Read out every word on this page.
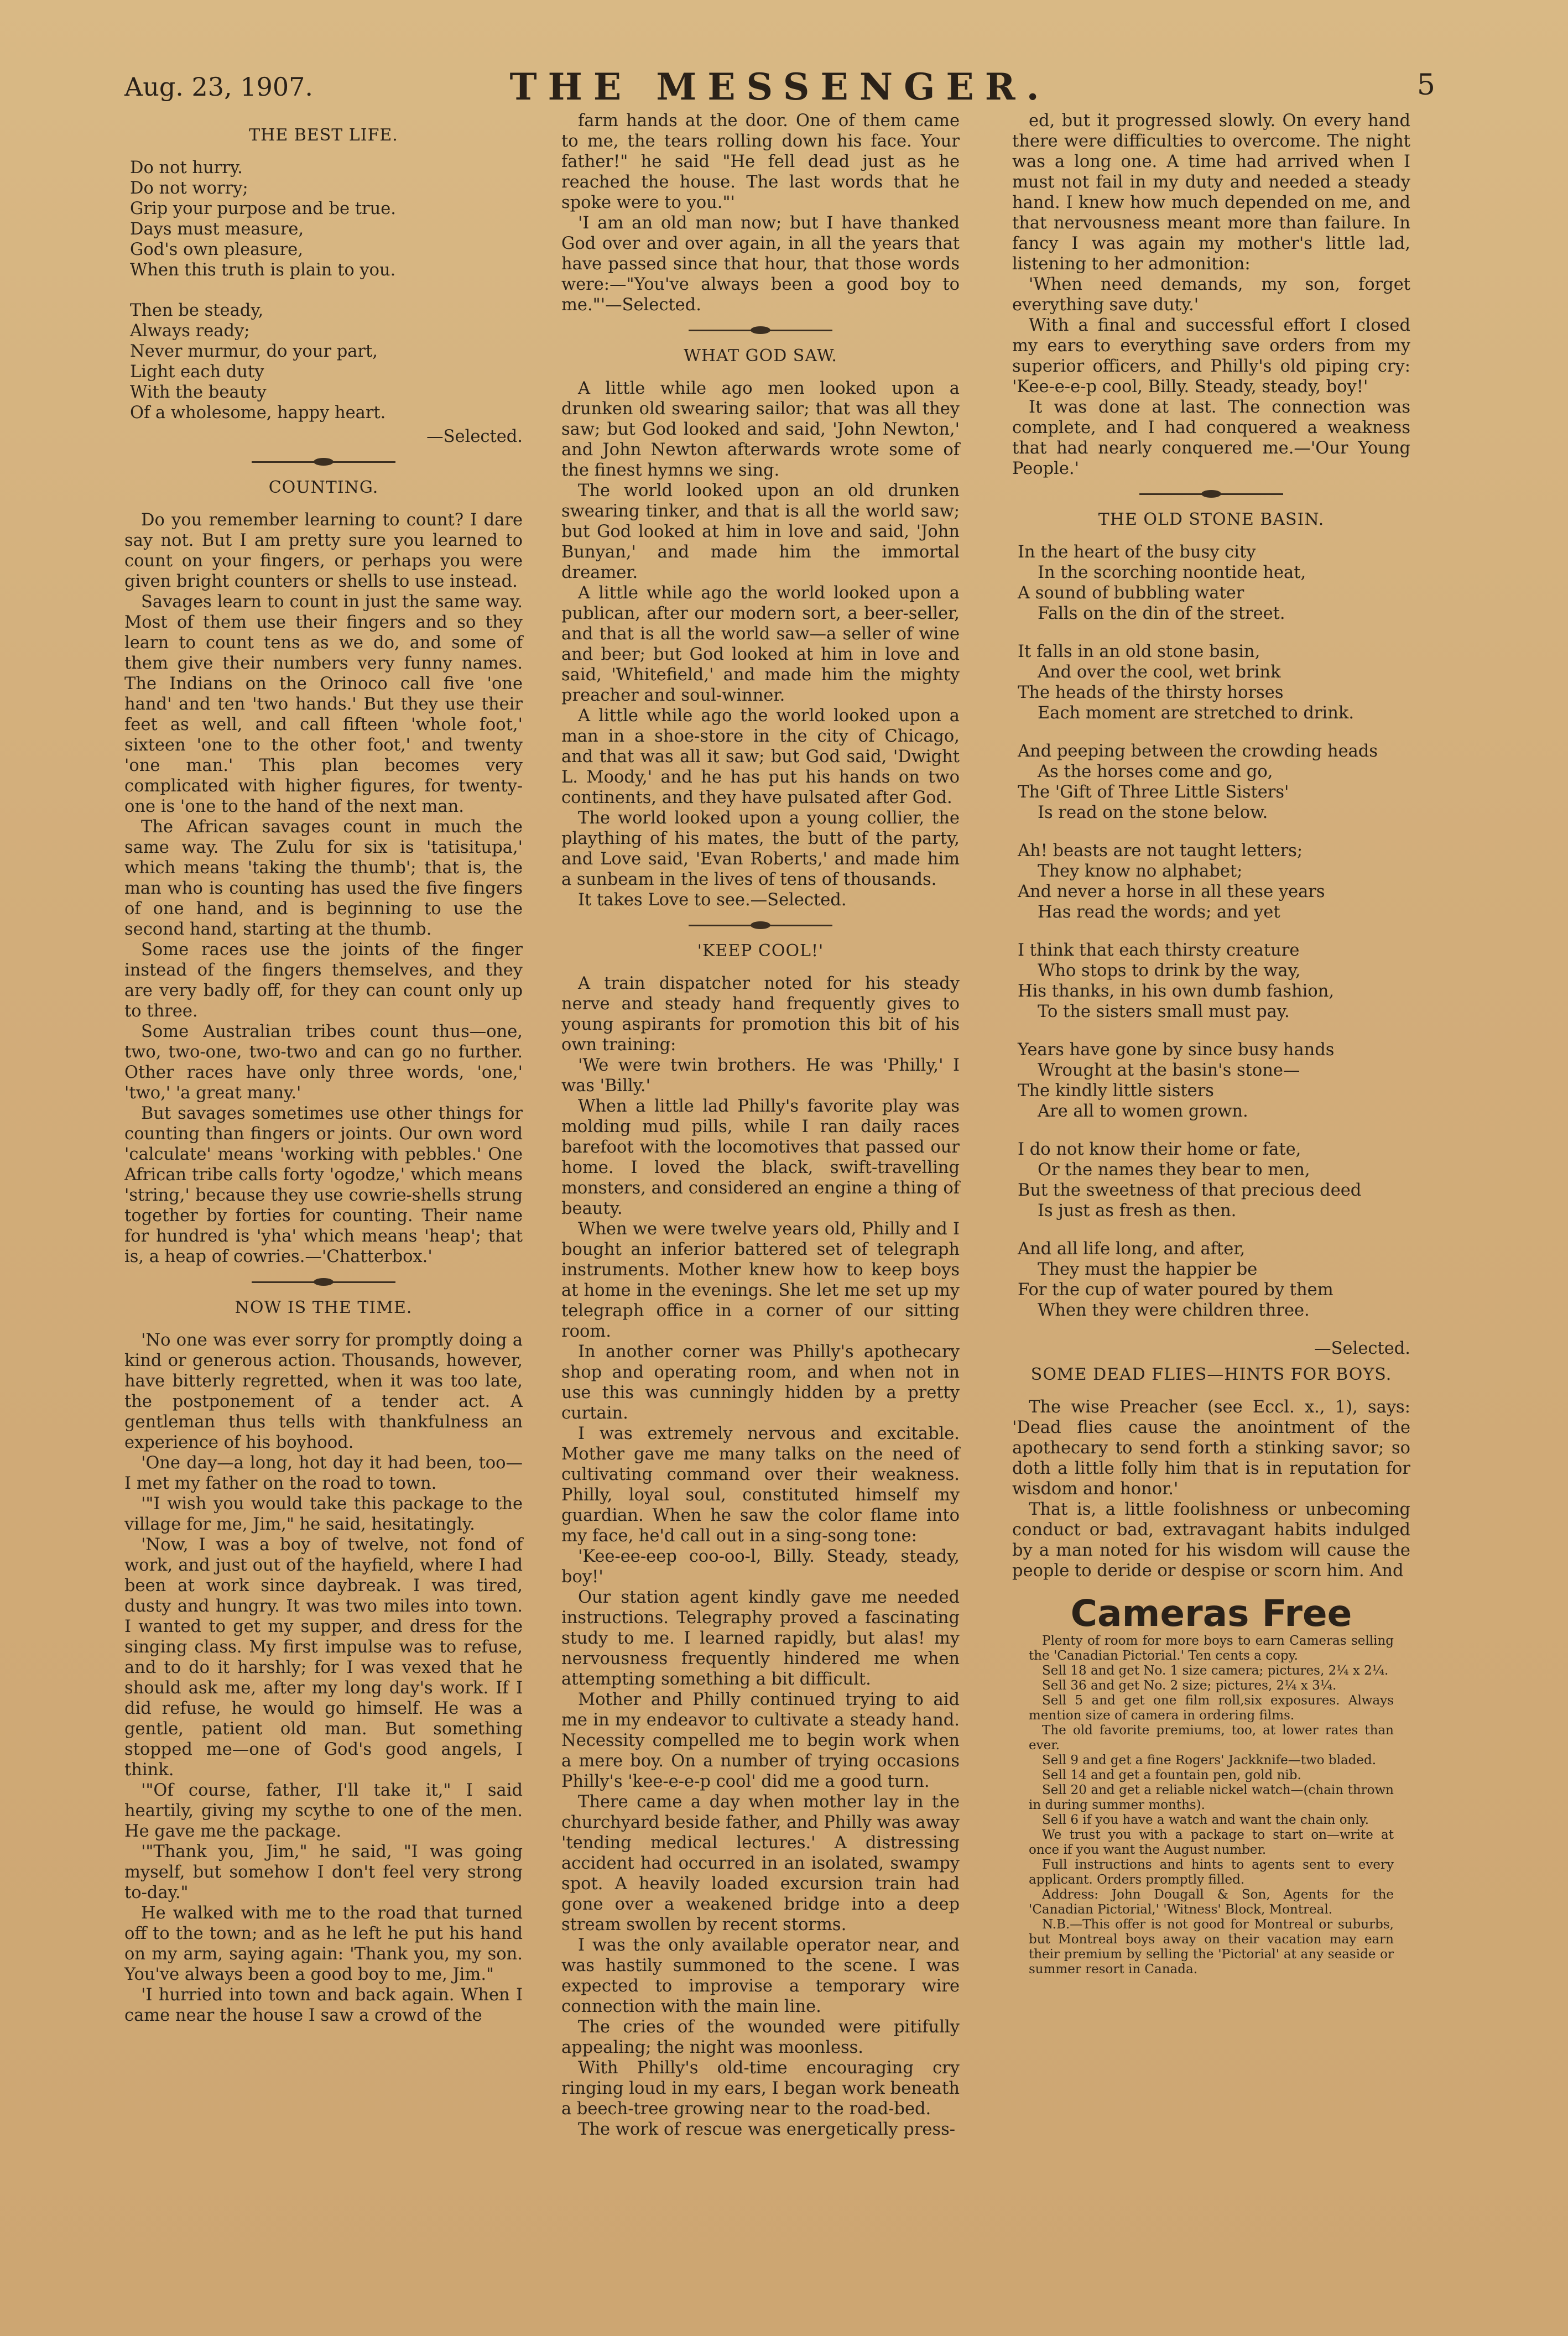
Aug. 23, 1907.	THE MESSENGER.	5
THE BEST LIFE.
Do not hurry.
Do not worry;
Grip your purpose and be true.
Days must measure,
God's own pleasure,
When this truth is plain to you.
Then be steady,
Always ready;
Never murmur, do your part,
Light each duty
With the beauty
Of a wholesome, happy heart.

—Selected.

COUNTING.

Do you remember learning to count? I dare say not. But I am pretty sure you learned to count on your fingers, or perhaps you were given bright counters or shells to use instead.

Savages learn to count in just the same way. Most of them use their fingers and so they learn to count tens as we do, and some of them give their numbers very funny names. The Indians on the Orinoco call five 'one hand' and ten 'two hands.' But they use their feet as well, and call fifteen 'whole foot,' sixteen 'one to the other foot,' and twenty 'one man.' This plan becomes very complicated with higher figures, for twenty-one is 'one to the hand of the next man.

The African savages count in much the same way. The Zulu for six is 'tatisitupa,' which means 'taking the thumb'; that is, the man who is counting has used the five fingers of one hand, and is beginning to use the second hand, starting at the thumb.

Some races use the joints of the finger instead of the fingers themselves, and they are very badly off, for they can count only up to three.

Some Australian tribes count thus—one, two, two-one, two-two and can go no further. Other races have only three words, 'one,' 'two,' 'a great many.'

But savages sometimes use other things for counting than fingers or joints. Our own word 'calculate' means 'working with pebbles.' One African tribe calls forty 'ogodze,' which means 'string,' because they use cowrie-shells strung together by forties for counting. Their name for hundred is 'yha' which means 'heap'; that is, a heap of cowries.—'Chatterbox.'

NOW IS THE TIME.

'No one was ever sorry for promptly doing a kind or generous action. Thousands, however, have bitterly regretted, when it was too late, the postponement of a tender act. A gentleman thus tells with thankfulness an experience of his boyhood.

'One day—a long, hot day it had been, too—I met my father on the road to town.

'"I wish you would take this package to the village for me, Jim," he said, hesitatingly.

'Now, I was a boy of twelve, not fond of work, and just out of the hayfield, where I had been at work since daybreak. I was tired, dusty and hungry. It was two miles into town. I wanted to get my supper, and dress for the singing class. My first impulse was to refuse, and to do it harshly; for I was vexed that he should ask me, after my long day's work. If I did refuse, he would go himself. He was a gentle, patient old man. But something stopped me—one of God's good angels, I think.

'"Of course, father, I'll take it," I said heartily, giving my scythe to one of the men. He gave me the package.

'"Thank you, Jim," he said, "I was going myself, but somehow I don't feel very strong to-day."

He walked with me to the road that turned off to the town; and as he left he put his hand on my arm, saying again: 'Thank you, my son. You've always been a good boy to me, Jim."

'I hurried into town and back again. When I came near the house I saw a crowd of the

farm hands at the door. One of them came to me, the tears rolling down his face. Your father!" he said "He fell dead just as he reached the house. The last words that he spoke were to you."'

'I am an old man now; but I have thanked God over and over again, in all the years that have passed since that hour, that those words were:—"You've always been a good boy to me."'—Selected.

WHAT GOD SAW.

A little while ago men looked upon a drunken old swearing sailor; that was all they saw; but God looked and said, 'John Newton,' and John Newton afterwards wrote some of the finest hymns we sing.

The world looked upon an old drunken swearing tinker, and that is all the world saw; but God looked at him in love and said, 'John Bunyan,' and made him the immortal dreamer.

A little while ago the world looked upon a publican, after our modern sort, a beer-seller, and that is all the world saw—a seller of wine and beer; but God looked at him in love and said, 'Whitefield,' and made him the mighty preacher and soul-winner.

A little while ago the world looked upon a man in a shoe-store in the city of Chicago, and that was all it saw; but God said, 'Dwight L. Moody,' and he has put his hands on two continents, and they have pulsated after God.

The world looked upon a young collier, the plaything of his mates, the butt of the party, and Love said, 'Evan Roberts,' and made him a sunbeam in the lives of tens of thousands.

It takes Love to see.—Selected.

'KEEP COOL!'

A train dispatcher noted for his steady nerve and steady hand frequently gives to young aspirants for promotion this bit of his own training:

'We were twin brothers. He was 'Philly,' I was 'Billy.'

When a little lad Philly's favorite play was molding mud pills, while I ran daily races barefoot with the locomotives that passed our home. I loved the black, swift-travelling monsters, and considered an engine a thing of beauty.

When we were twelve years old, Philly and I bought an inferior battered set of telegraph instruments. Mother knew how to keep boys at home in the evenings. She let me set up my telegraph office in a corner of our sitting room.

In another corner was Philly's apothecary shop and operating room, and when not in use this was cunningly hidden by a pretty curtain.

I was extremely nervous and excitable. Mother gave me many talks on the need of cultivating command over their weakness. Philly, loyal soul, constituted himself my guardian. When he saw the color flame into my face, he'd call out in a sing-song tone:

'Kee-ee-eep coo-oo-l, Billy. Steady, steady, boy!'

Our station agent kindly gave me needed instructions. Telegraphy proved a fascinating study to me. I learned rapidly, but alas! my nervousness frequently hindered me when attempting something a bit difficult.

Mother and Philly continued trying to aid me in my endeavor to cultivate a steady hand. Necessity compelled me to begin work when a mere boy. On a number of trying occasions Philly's 'kee-e-e-p cool' did me a good turn.

There came a day when mother lay in the churchyard beside father, and Philly was away 'tending medical lectures.' A distressing accident had occurred in an isolated, swampy spot. A heavily loaded excursion train had gone over a weakened bridge into a deep stream swollen by recent storms.

I was the only available operator near, and was hastily summoned to the scene. I was expected to improvise a temporary wire connection with the main line.

The cries of the wounded were pitifully appealing; the night was moonless.

With Philly's old-time encouraging cry ringing loud in my ears, I began work beneath a beech-tree growing near to the road-bed.

The work of rescue was energetically press-

ed, but it progressed slowly. On every hand there were difficulties to overcome. The night was a long one. A time had arrived when I must not fail in my duty and needed a steady hand. I knew how much depended on me, and that nervousness meant more than failure. In fancy I was again my mother's little lad, listening to her admonition:

'When need demands, my son, forget everything save duty.'

With a final and successful effort I closed my ears to everything save orders from my superior officers, and Philly's old piping cry: 'Kee-e-e-p cool, Billy. Steady, steady, boy!'

It was done at last. The connection was complete, and I had conquered a weakness that had nearly conquered me.—'Our Young People.'

THE OLD STONE BASIN.
In the heart of the busy city
In the scorching noontide heat,
A sound of bubbling water
Falls on the din of the street.
It falls in an old stone basin,
And over the cool, wet brink
The heads of the thirsty horses
Each moment are stretched to drink.
And peeping between the crowding heads
As the horses come and go,
The 'Gift of Three Little Sisters'
Is read on the stone below.
Ah! beasts are not taught letters;
They know no alphabet;
And never a horse in all these years
Has read the words; and yet
I think that each thirsty creature
Who stops to drink by the way,
His thanks, in his own dumb fashion,
To the sisters small must pay.
Years have gone by since busy hands
Wrought at the basin's stone—
The kindly little sisters
Are all to women grown.
I do not know their home or fate,
Or the names they bear to men,
But the sweetness of that precious deed
Is just as fresh as then.
And all life long, and after,
They must the happier be
For the cup of water poured by them
When they were children three.

—Selected.

SOME DEAD FLIES—HINTS FOR BOYS.

The wise Preacher (see Eccl. x., 1), says: 'Dead flies cause the anointment of the apothecary to send forth a stinking savor; so doth a little folly him that is in reputation for wisdom and honor.'

That is, a little foolishness or unbecoming conduct or bad, extravagant habits indulged by a man noted for his wisdom will cause the people to deride or despise or scorn him. And

Cameras Free

Plenty of room for more boys to earn Cameras selling the 'Canadian Pictorial.' Ten cents a copy.

Sell 18 and get No. 1 size camera; pictures, 2¼ x 2¼.

Sell 36 and get No. 2 size; pictures, 2¼ x 3¼.

Sell 5 and get one film roll,six exposures. Always mention size of camera in ordering films.

The old favorite premiums, too, at lower rates than ever.

Sell 9 and get a fine Rogers' Jackknife—two bladed.

Sell 14 and get a fountain pen, gold nib.

Sell 20 and get a reliable nickel watch—(chain thrown in during summer months).

Sell 6 if you have a watch and want the chain only.

We trust you with a package to start on—write at once if you want the August number.

Full instructions and hints to agents sent to every applicant. Orders promptly filled.

Address: John Dougall & Son, Agents for the 'Canadian Pictorial,' 'Witness' Block, Montreal.

N.B.—This offer is not good for Montreal or suburbs, but Montreal boys away on their vacation may earn their premium by selling the 'Pictorial' at any seaside or summer resort in Canada.
